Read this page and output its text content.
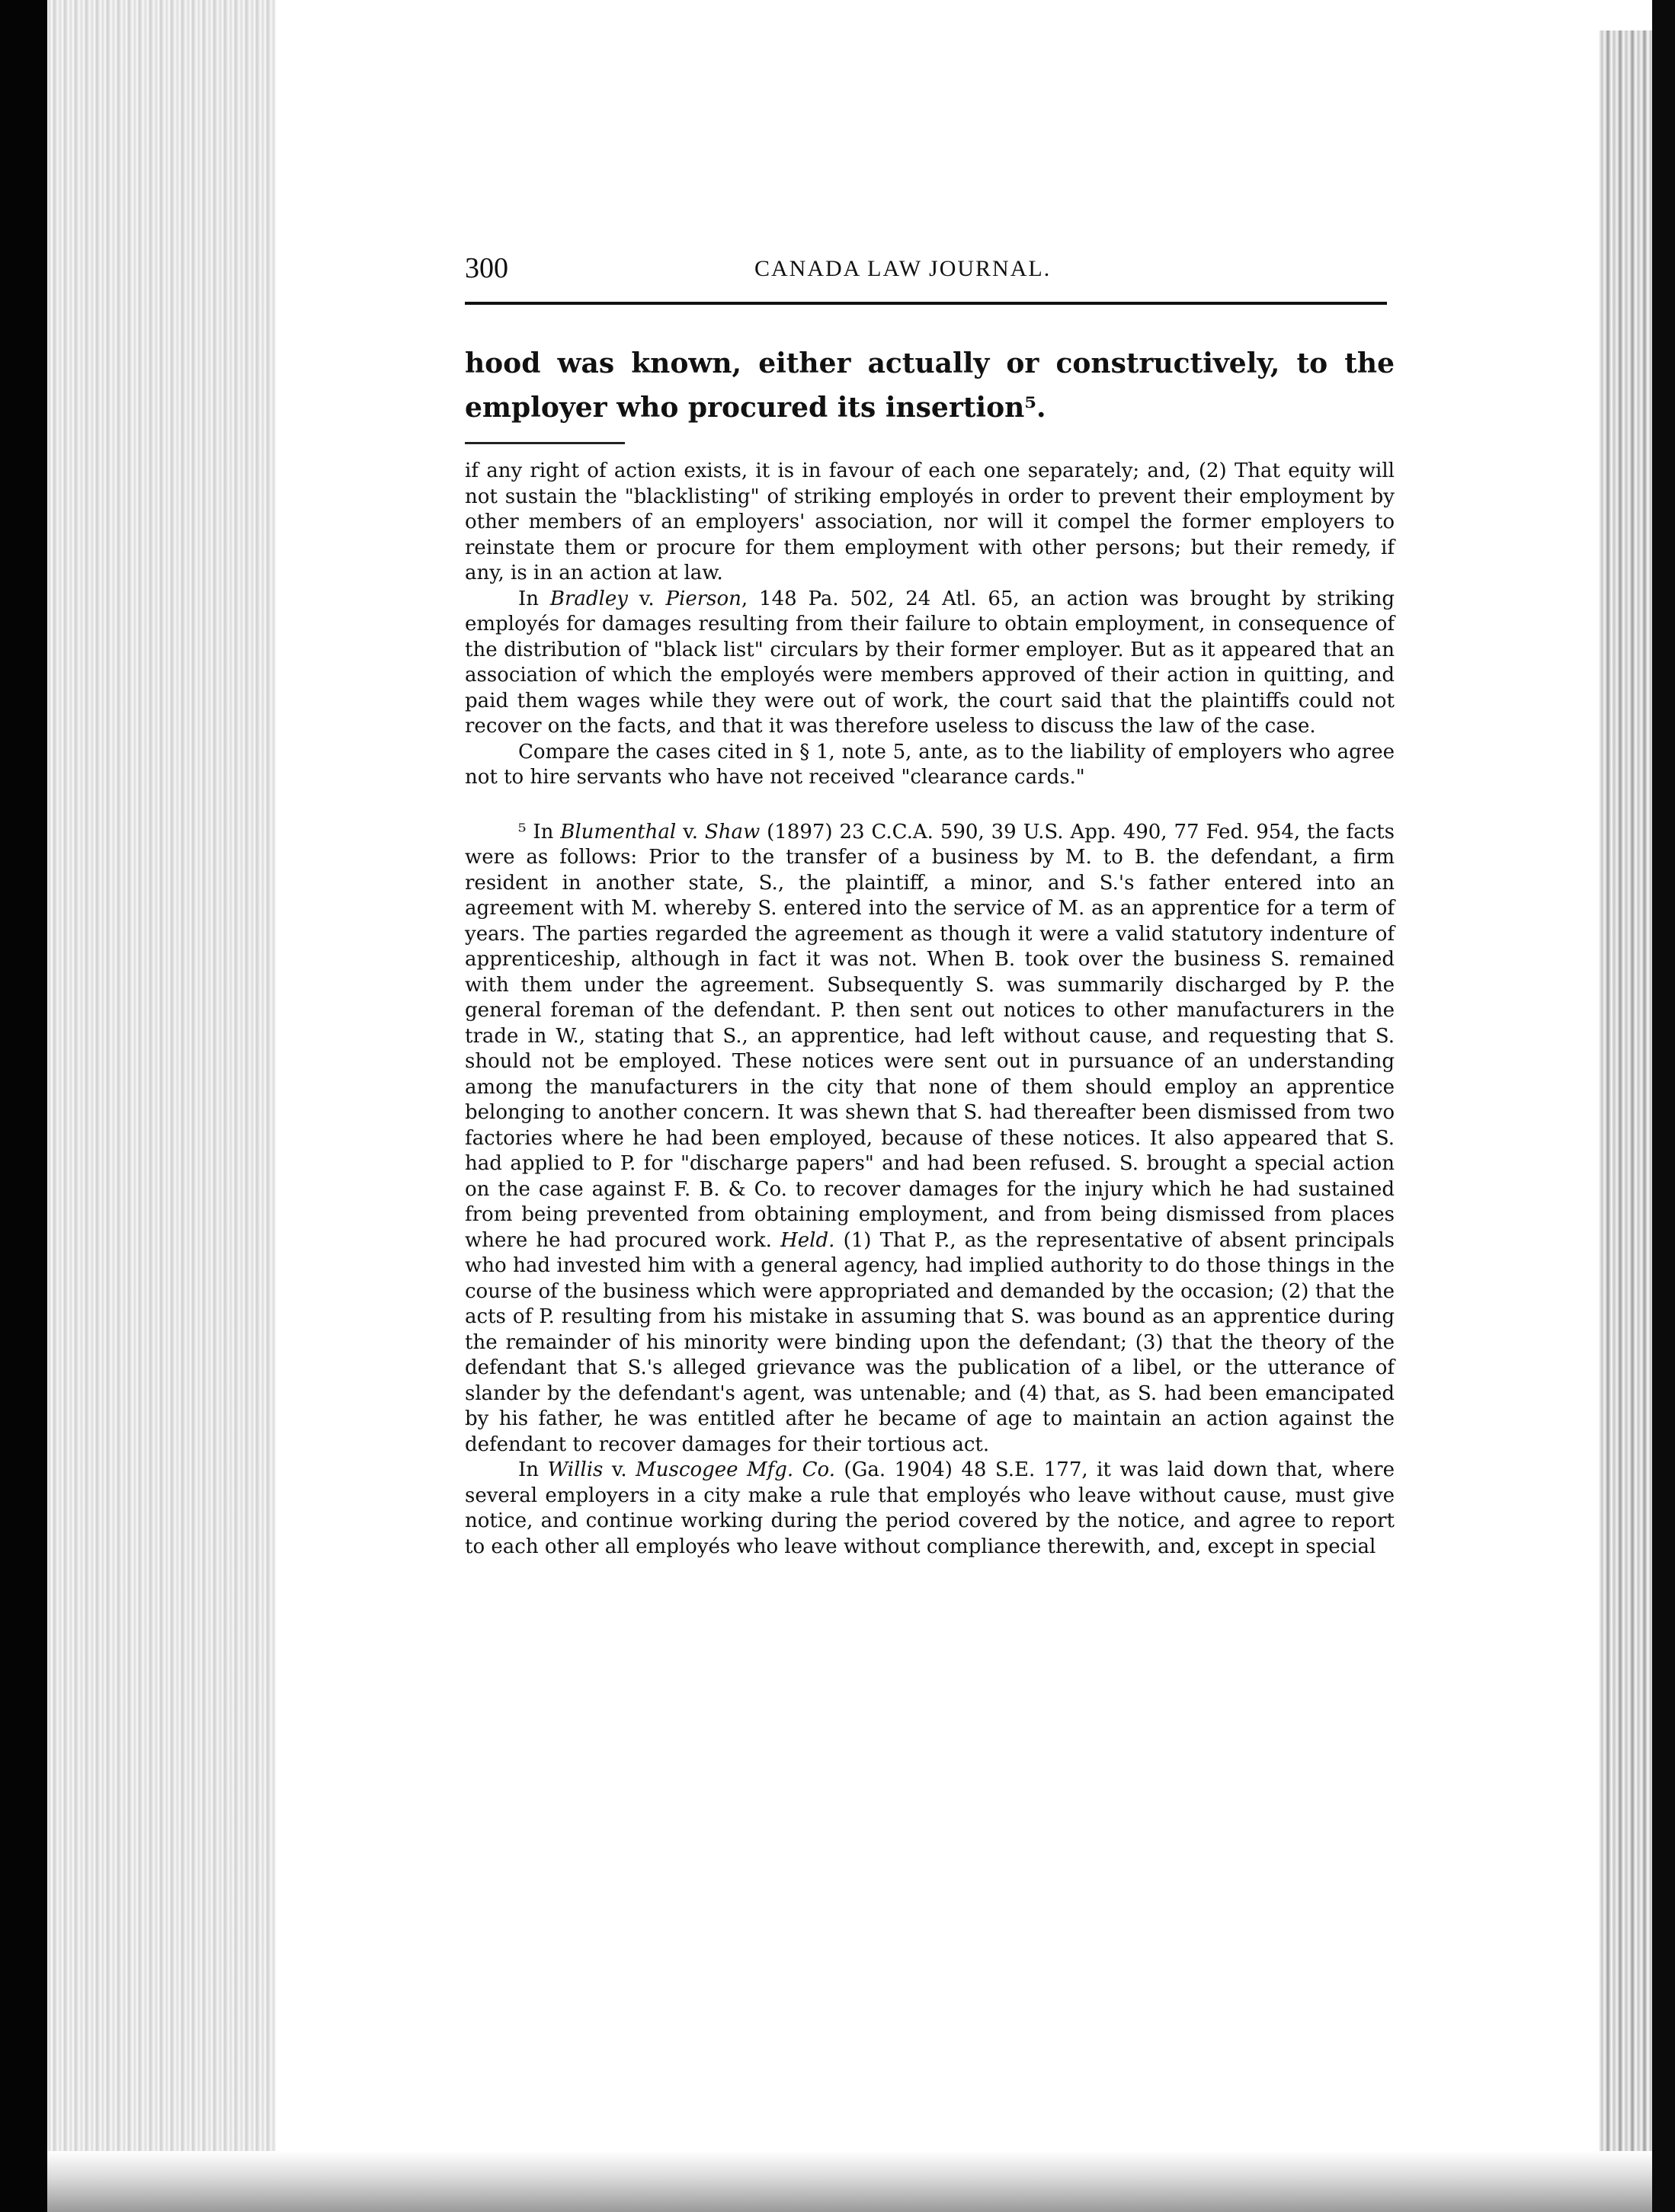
300	CANADA LAW JOURNAL.
hood was known, either actually or constructively, to the employer who procured its insertion⁵.

if any right of action exists, it is in favour of each one separately; and, (2) That equity will not sustain the "blacklisting" of striking employés in order to prevent their employment by other members of an employers' association, nor will it compel the former employers to reinstate them or procure for them employment with other persons; but their remedy, if any, is in an action at law.

In Bradley v. Pierson, 148 Pa. 502, 24 Atl. 65, an action was brought by striking employés for damages resulting from their failure to obtain employment, in consequence of the distribution of "black list" circulars by their former employer. But as it appeared that an association of which the employés were members approved of their action in quitting, and paid them wages while they were out of work, the court said that the plaintiffs could not recover on the facts, and that it was therefore useless to discuss the law of the case.

Compare the cases cited in § 1, note 5, ante, as to the liability of employers who agree not to hire servants who have not received "clearance cards."

⁵ In Blumenthal v. Shaw (1897) 23 C.C.A. 590, 39 U.S. App. 490, 77 Fed. 954, the facts were as follows: Prior to the transfer of a business by M. to B. the defendant, a firm resident in another state, S., the plaintiff, a minor, and S.'s father entered into an agreement with M. whereby S. entered into the service of M. as an apprentice for a term of years. The parties regarded the agreement as though it were a valid statutory indenture of apprenticeship, although in fact it was not. When B. took over the business S. remained with them under the agreement. Subsequently S. was summarily discharged by P. the general foreman of the defendant. P. then sent out notices to other manufacturers in the trade in W., stating that S., an apprentice, had left without cause, and requesting that S. should not be employed. These notices were sent out in pursuance of an understanding among the manufacturers in the city that none of them should employ an apprentice belonging to another concern. It was shewn that S. had thereafter been dismissed from two factories where he had been employed, because of these notices. It also appeared that S. had applied to P. for "discharge papers" and had been refused. S. brought a special action on the case against F. B. & Co. to recover damages for the injury which he had sustained from being prevented from obtaining employment, and from being dismissed from places where he had procured work. Held. (1) That P., as the representative of absent principals who had invested him with a general agency, had implied authority to do those things in the course of the business which were appropriated and demanded by the occasion; (2) that the acts of P. resulting from his mistake in assuming that S. was bound as an apprentice during the remainder of his minority were binding upon the defendant; (3) that the theory of the defendant that S.'s alleged grievance was the publication of a libel, or the utterance of slander by the defendant's agent, was untenable; and (4) that, as S. had been emancipated by his father, he was entitled after he became of age to maintain an action against the defendant to recover damages for their tortious act.

In Willis v. Muscogee Mfg. Co. (Ga. 1904) 48 S.E. 177, it was laid down that, where several employers in a city make a rule that employés who leave without cause, must give notice, and continue working during the period covered by the notice, and agree to report to each other all employés who leave without compliance therewith, and, except in special
